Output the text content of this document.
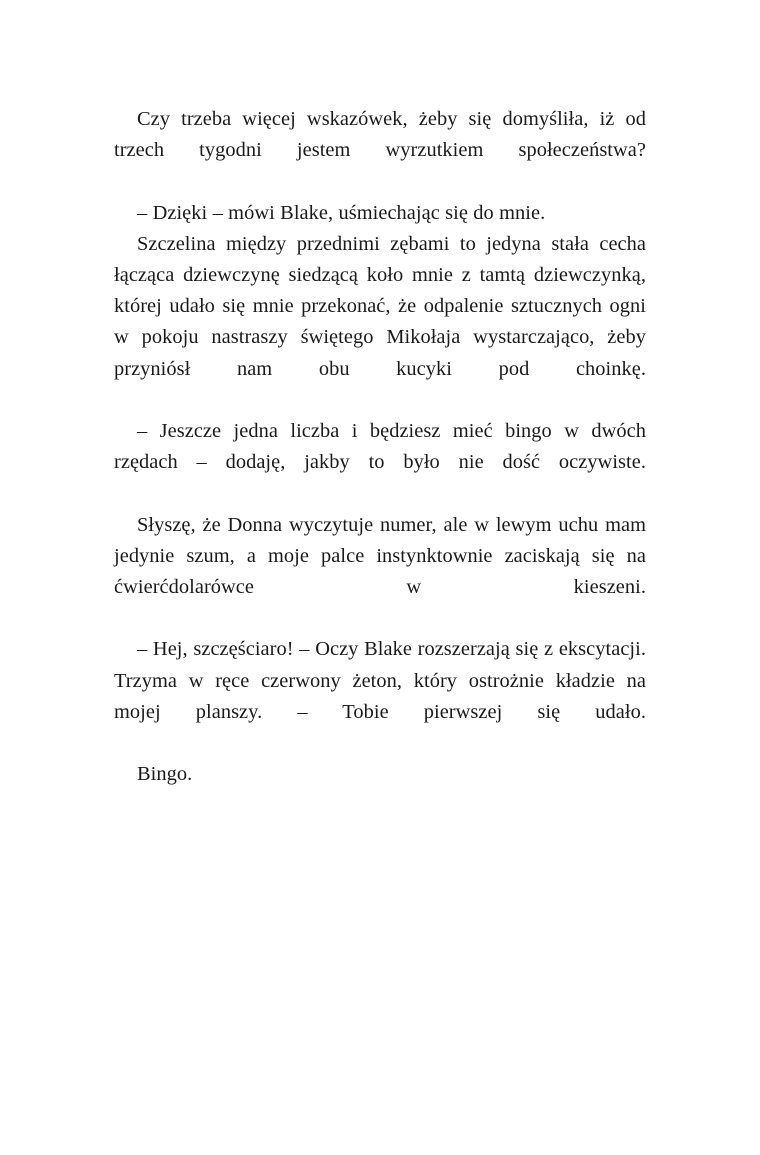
Czy trzeba więcej wskazówek, żeby się domyśliła, iż od trzech tygodni jestem wyrzutkiem społeczeństwa?

– Dzięki – mówi Blake, uśmiechając się do mnie.

Szczelina między przednimi zębami to jedyna stała cecha łącząca dziewczynę siedzącą koło mnie z tamtą dziewczynką, której udało się mnie przekonać, że odpalenie sztucznych ogni w pokoju nastraszy świętego Mikołaja wystarczająco, żeby przyniósł nam obu kucyki pod choinkę.

– Jeszcze jedna liczba i będziesz mieć bingo w dwóch rzędach – dodaję, jakby to było nie dość oczywiste.

Słyszę, że Donna wyczytuje numer, ale w lewym uchu mam jedynie szum, a moje palce instynktownie zaciskają się na ćwierćdolarówce w kieszeni.

– Hej, szczęściaro! – Oczy Blake rozszerzają się z ekscytacji. Trzyma w ręce czerwony żeton, który ostrożnie kładzie na mojej planszy. – Tobie pierwszej się udało.

Bingo.
